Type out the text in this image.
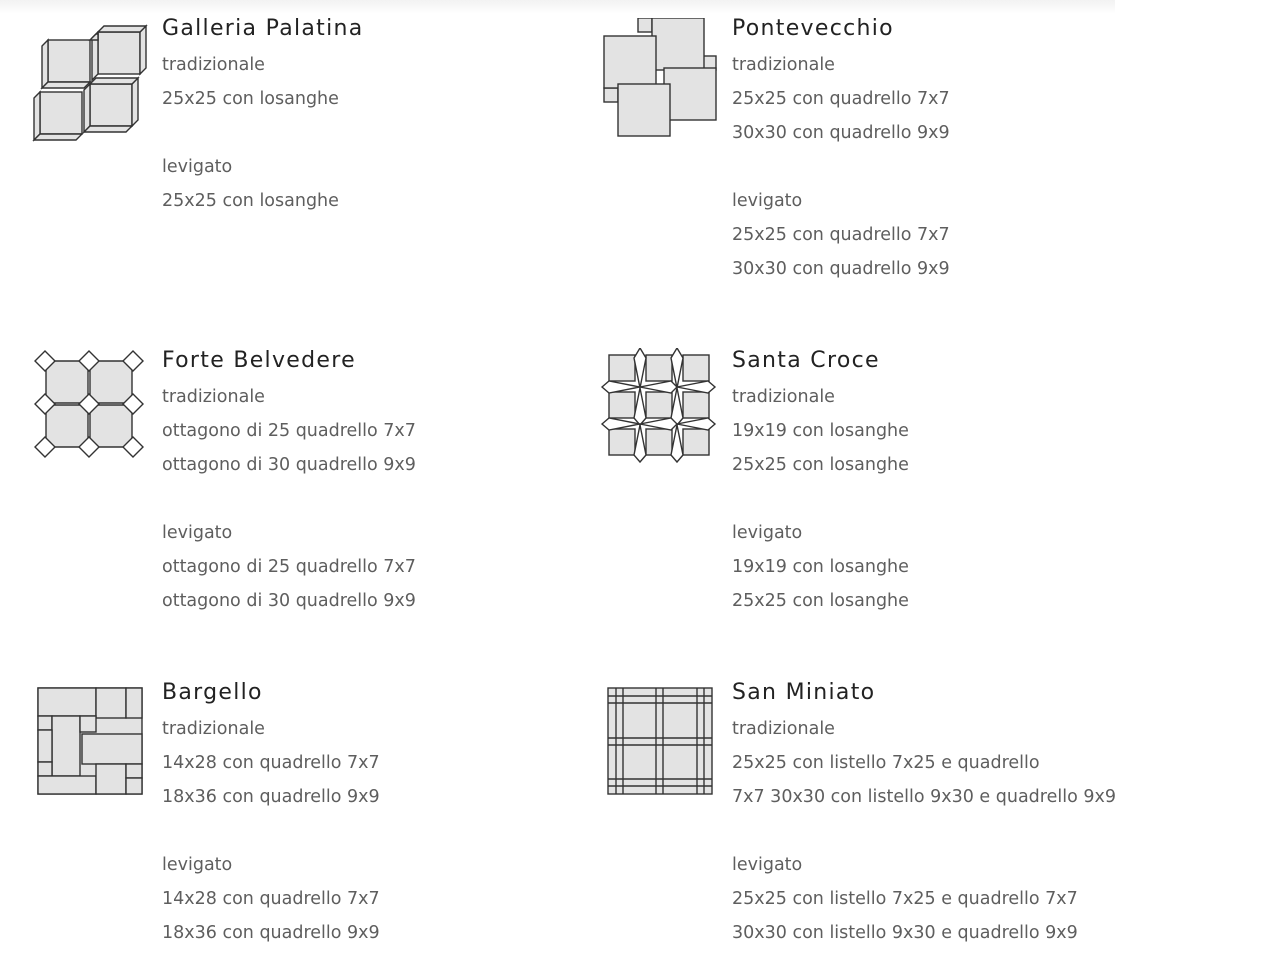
Galleria Palatina
tradizionale
25x25 con losanghe
levigato
25x25 con losanghe
Pontevecchio
tradizionale
25x25 con quadrello 7x7
30x30 con quadrello 9x9
levigato
25x25 con quadrello 7x7
30x30 con quadrello 9x9
Forte Belvedere
tradizionale
ottagono di 25 quadrello 7x7
ottagono di 30 quadrello 9x9
levigato
ottagono di 25 quadrello 7x7
ottagono di 30 quadrello 9x9
Santa Croce
tradizionale
19x19 con losanghe
25x25 con losanghe
levigato
19x19 con losanghe
25x25 con losanghe
Bargello
tradizionale
14x28 con quadrello 7x7
18x36 con quadrello 9x9
levigato
14x28 con quadrello 7x7
18x36 con quadrello 9x9
San Miniato
tradizionale
25x25 con listello 7x25 e quadrello
7x7 30x30 con listello 9x30 e quadrello 9x9
levigato
25x25 con listello 7x25 e quadrello 7x7
30x30 con listello 9x30 e quadrello 9x9
